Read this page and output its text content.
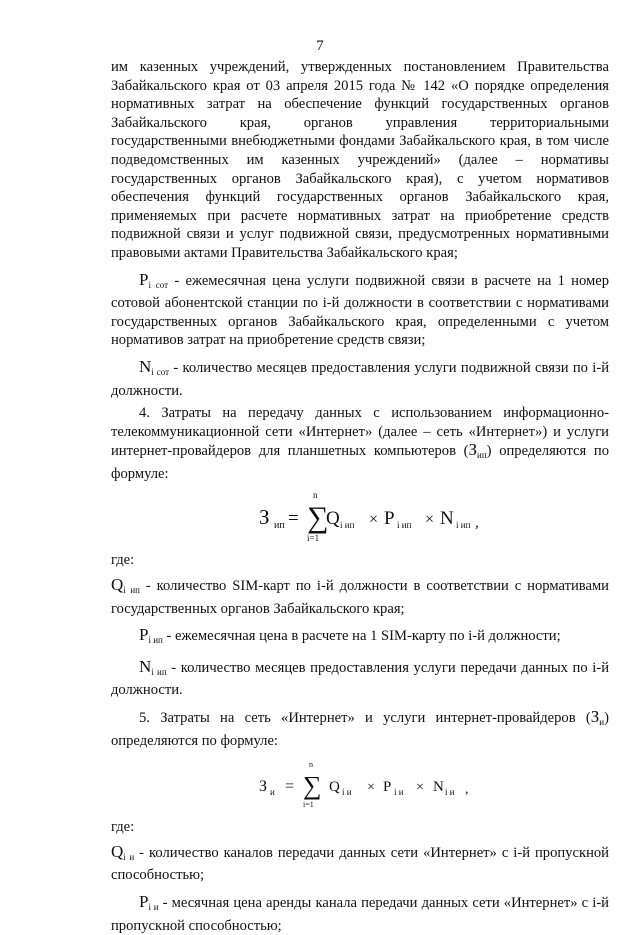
7

им казенных учреждений, утвержденных постановлением Правительства Забайкальского края от 03 апреля 2015 года № 142 «О порядке определения нормативных затрат на обеспечение функций государственных органов Забайкальского края, органов управления территориальными государственными внебюджетными фондами Забайкальского края, в том числе подведомственных им казенных учреждений» (далее – нормативы государственных органов Забайкальского края), с учетом нормативов обеспечения функций государственных органов Забайкальского края, применяемых при расчете нормативных затрат на приобретение средств подвижной связи и услуг подвижной связи, предусмотренных нормативными правовыми актами Правительства Забайкальского края;

$P_{i сот}$ - ежемесячная цена услуги подвижной связи в расчете на 1 номер сотовой абонентской станции по i-й должности в соответствии с нормативами государственных органов Забайкальского края, определенными с учетом нормативов затрат на приобретение средств связи;

$N_{i сот}$ - количество месяцев предоставления услуги подвижной связи по i-й должности.

4. Затраты на передачу данных с использованием информационно-телекоммуникационной сети «Интернет» (далее – сеть «Интернет») и услуги интернет-провайдеров для планшетных компьютеров $(З_{ип})$ определяются по формуле:

З ип = ∑
n
i=1
Q i ип × P i ип × N i ип ,

где:

$Q_{i ип}$ - количество SIM-карт по i-й должности в соответствии с нормативами государственных органов Забайкальского края;

$P_{i ип}$ - ежемесячная цена в расчете на 1 SIM-карту по i-й должности;

$N_{i ип}$ - количество месяцев предоставления услуги передачи данных по i-й должности.

5. Затраты на сеть «Интернет» и услуги интернет-провайдеров $(З_и)$ определяются по формуле:

З и = ∑
n
i=1
Q i и × P i и × N i и ,

где:

$Q_{i и}$ - количество каналов передачи данных сети «Интернет» с i-й пропускной способностью;

$P_{i и}$ - месячная цена аренды канала передачи данных сети «Интернет» с i-й пропускной способностью;
